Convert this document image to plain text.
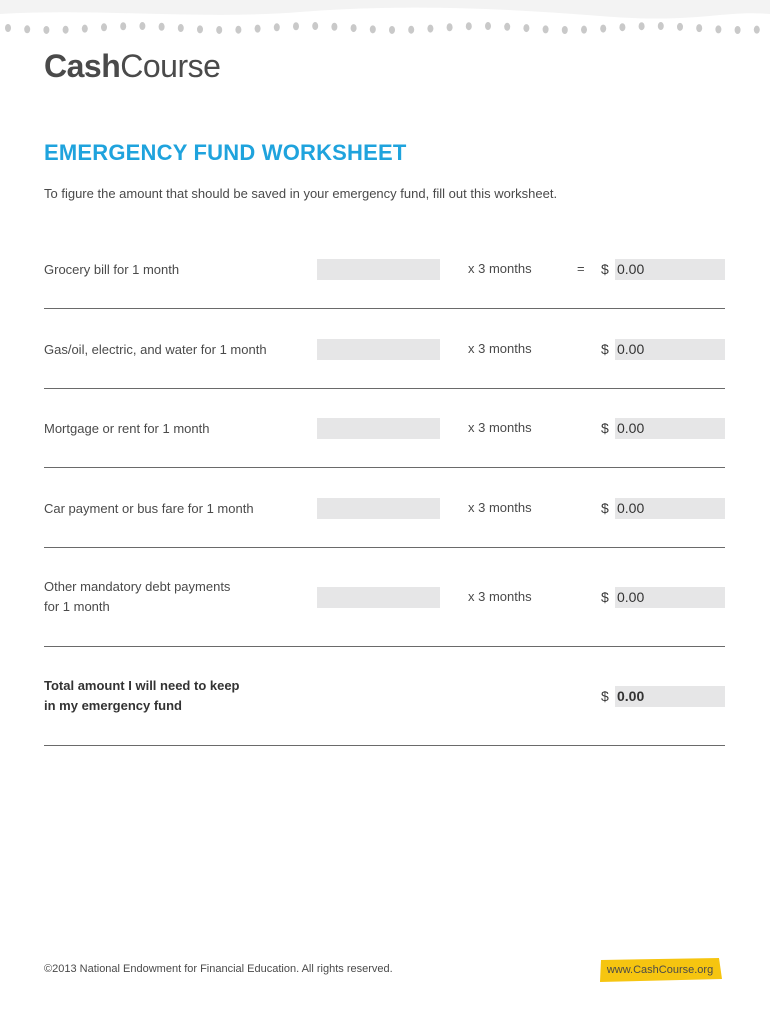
CashCourse
EMERGENCY FUND WORKSHEET
To figure the amount that should be saved in your emergency fund, fill out this worksheet.
Grocery bill for 1 month	x 3 months	= $ 0.00
Gas/oil, electric, and water for 1 month	x 3 months	$ 0.00
Mortgage or rent for 1 month	x 3 months	$ 0.00
Car payment or bus fare for 1 month	x 3 months	$ 0.00
Other mandatory debt payments
for 1 month
x 3 months	$ 0.00
Total amount I will need to keep
in my emergency fund
$ 0.00
©2013 National Endowment for Financial Education. All rights reserved.	www.CashCourse.org
